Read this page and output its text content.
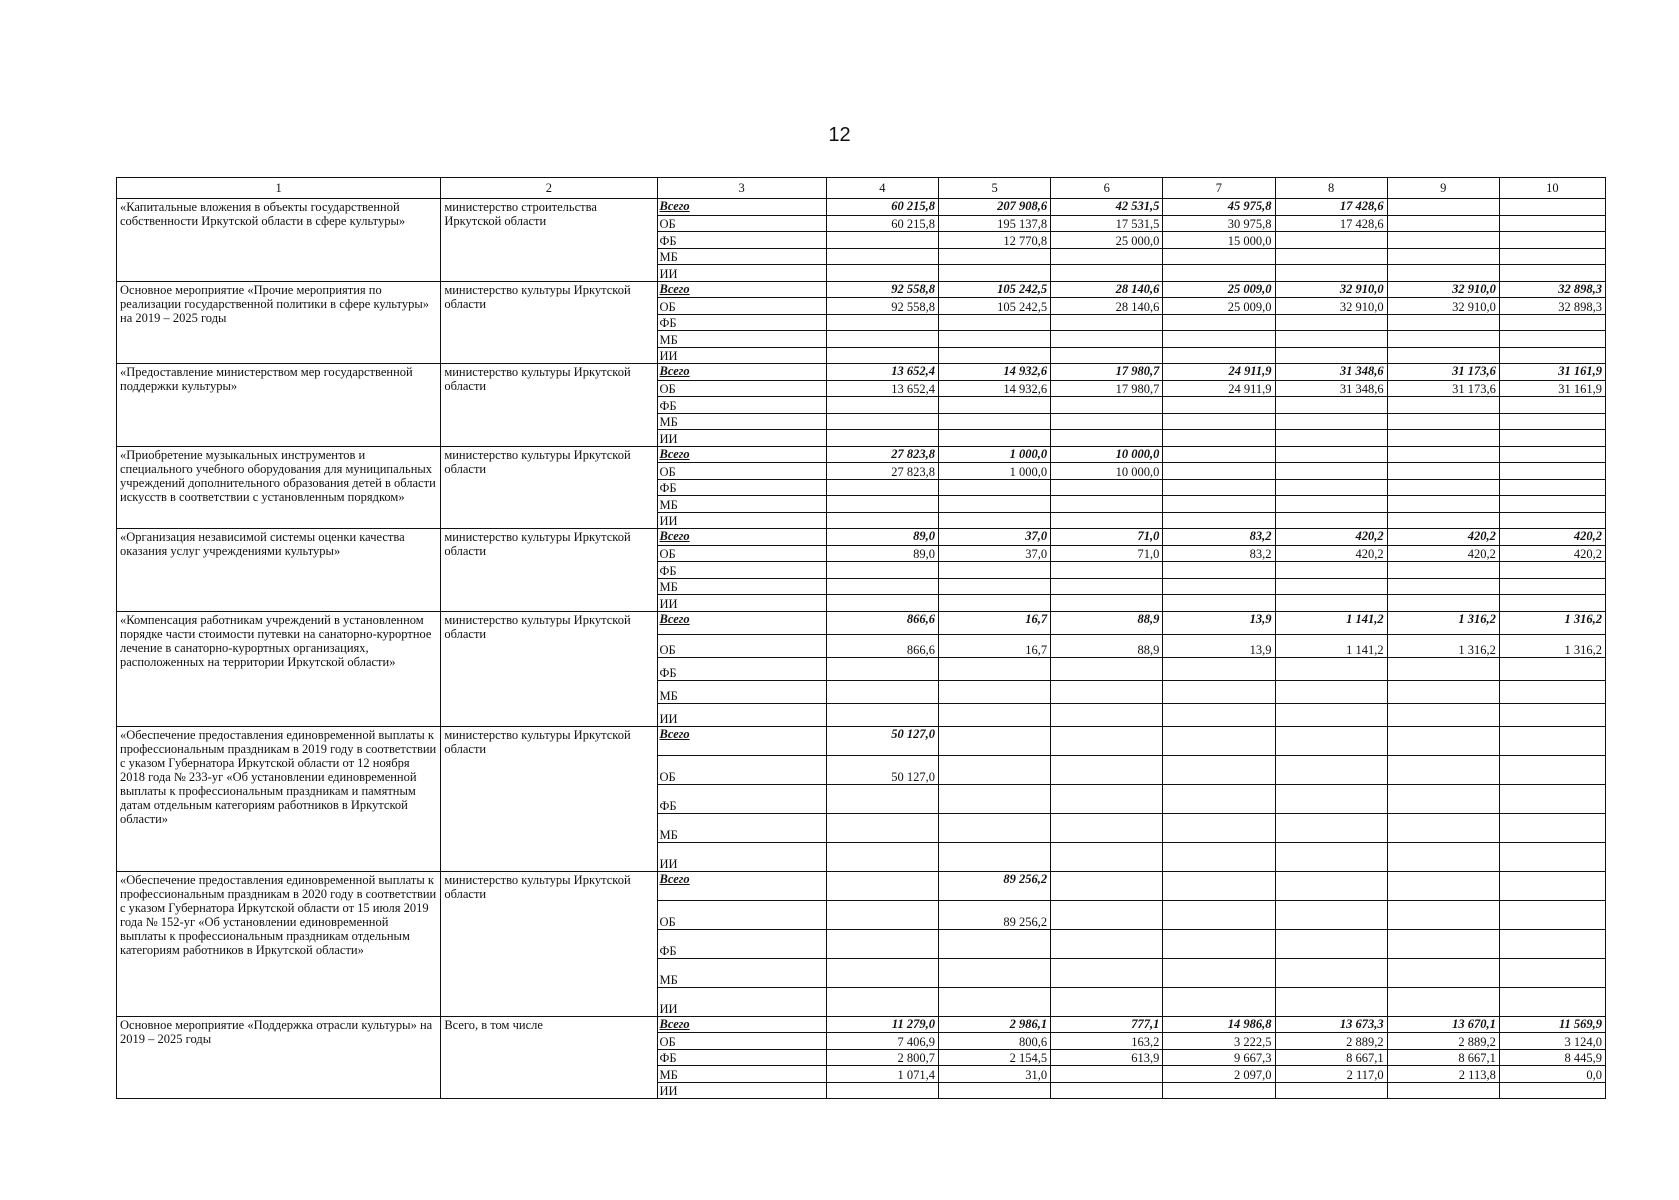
12
1	2	3	4	5	6	7	8	9	10
«Капитальные вложения в объекты государственной собственности Иркутской области в сфере культуры»	министерство строительства Иркутской области	Всего	60 215,8	207 908,6	42 531,5	45 975,8	17 428,6		
		ОБ	60 215,8	195 137,8	17 531,5	30 975,8	17 428,6		
		ФБ		12 770,8	25 000,0	15 000,0			
		МБ							
		ИИ							
Основное мероприятие «Прочие мероприятия по реализации государственной политики в сфере культуры» на 2019 – 2025 годы	министерство культуры Иркутской области	Всего	92 558,8	105 242,5	28 140,6	25 009,0	32 910,0	32 910,0	32 898,3
		ОБ	92 558,8	105 242,5	28 140,6	25 009,0	32 910,0	32 910,0	32 898,3
		ФБ							
		МБ							
		ИИ							
«Предоставление министерством мер государственной поддержки культуры»	министерство культуры Иркутской области	Всего	13 652,4	14 932,6	17 980,7	24 911,9	31 348,6	31 173,6	31 161,9
		ОБ	13 652,4	14 932,6	17 980,7	24 911,9	31 348,6	31 173,6	31 161,9
		ФБ							
		МБ							
		ИИ							
«Приобретение музыкальных инструментов и специального учебного оборудования для муниципальных учреждений дополнительного образования детей в области искусств в соответствии с установленным порядком»	министерство культуры Иркутской области	Всего	27 823,8	1 000,0	10 000,0				
		ОБ	27 823,8	1 000,0	10 000,0				
		ФБ							
		МБ							
		ИИ							
«Организация независимой системы оценки качества оказания услуг учреждениями культуры»	министерство культуры Иркутской области	Всего	89,0	37,0	71,0	83,2	420,2	420,2	420,2
		ОБ	89,0	37,0	71,0	83,2	420,2	420,2	420,2
		ФБ							
		МБ							
		ИИ							
«Компенсация работникам учреждений в установленном порядке части стоимости путевки на санаторно-курортное лечение в санаторно-курортных организациях, расположенных на территории Иркутской области»	министерство культуры Иркутской области	Всего	866,6	16,7	88,9	13,9	1 141,2	1 316,2	1 316,2
		ОБ	866,6	16,7	88,9	13,9	1 141,2	1 316,2	1 316,2
		ФБ							
		МБ							
		ИИ							
«Обеспечение предоставления единовременной выплаты к профессиональным праздникам в 2019 году в соответствии с указом Губернатора Иркутской области от 12 ноября 2018 года № 233-уг «Об установлении единовременной выплаты к профессиональным праздникам и памятным датам отдельным категориям работников в Иркутской области»	министерство культуры Иркутской области	Всего	50 127,0						
		ОБ	50 127,0						
		ФБ							
		МБ							
		ИИ							
«Обеспечение предоставления единовременной выплаты к профессиональным праздникам в 2020 году в соответствии с указом Губернатора Иркутской области от 15 июля 2019 года № 152-уг «Об установлении единовременной выплаты к профессиональным праздникам отдельным категориям работников в Иркутской области»	министерство культуры Иркутской области	Всего		89 256,2					
		ОБ		89 256,2					
		ФБ							
		МБ							
		ИИ							
Основное мероприятие «Поддержка отрасли культуры» на 2019 – 2025 годы	Всего, в том числе	Всего	11 279,0	2 986,1	777,1	14 986,8	13 673,3	13 670,1	11 569,9
		ОБ	7 406,9	800,6	163,2	3 222,5	2 889,2	2 889,2	3 124,0
		ФБ	2 800,7	2 154,5	613,9	9 667,3	8 667,1	8 667,1	8 445,9
		МБ	1 071,4	31,0		2 097,0	2 117,0	2 113,8	0,0
		ИИ							
